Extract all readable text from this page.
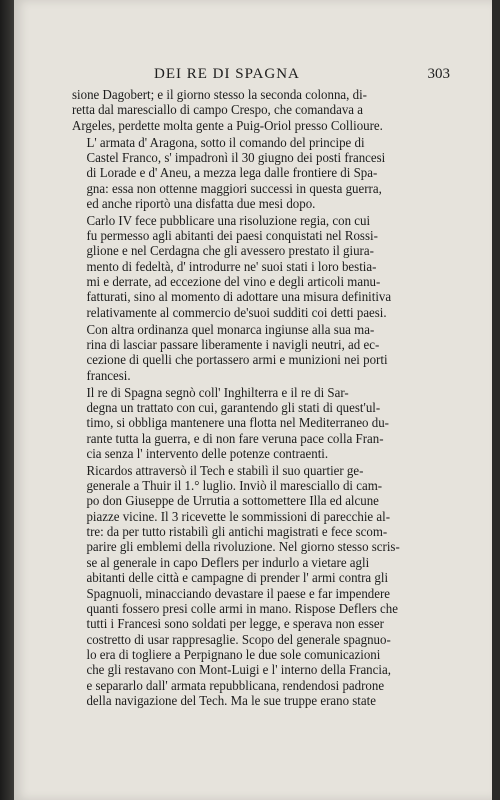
DEI RE DI SPAGNA	303

sione Dagobert; e il giorno stesso la seconda colonna, di-
retta dal maresciallo di campo Crespo, che comandava a
Argeles, perdette molta gente a Puig-Oriol presso Collioure.

L' armata d' Aragona, sotto il comando del principe di
Castel Franco, s' impadronì il 30 giugno dei posti francesi
di Lorade e d' Aneu, a mezza lega dalle frontiere di Spa-
gna: essa non ottenne maggiori successi in questa guerra,
ed anche riportò una disfatta due mesi dopo.

Carlo IV fece pubblicare una risoluzione regia, con cui
fu permesso agli abitanti dei paesi conquistati nel Rossi-
glione e nel Cerdagna che gli avessero prestato il giura-
mento di fedeltà, d' introdurre ne' suoi stati i loro bestia-
mi e derrate, ad eccezione del vino e degli articoli manu-
fatturati, sino al momento di adottare una misura definitiva
relativamente al commercio de'suoi sudditi coi detti paesi.

Con altra ordinanza quel monarca ingiunse alla sua ma-
rina di lasciar passare liberamente i navigli neutri, ad ec-
cezione di quelli che portassero armi e munizioni nei porti
francesi.

Il re di Spagna segnò coll' Inghilterra e il re di Sar-
degna un trattato con cui, garantendo gli stati di quest'ul-
timo, si obbliga mantenere una flotta nel Mediterraneo du-
rante tutta la guerra, e di non fare veruna pace colla Fran-
cia senza l' intervento delle potenze contraenti.

Ricardos attraversò il Tech e stabilì il suo quartier ge-
generale a Thuir il 1.° luglio. Inviò il maresciallo di cam-
po don Giuseppe de Urrutia a sottomettere Illa ed alcune
piazze vicine. Il 3 ricevette le sommissioni di parecchie al-
tre: da per tutto ristabilì gli antichi magistrati e fece scom-
parire gli emblemi della rivoluzione. Nel giorno stesso scris-
se al generale in capo Deflers per indurlo a vietare agli
abitanti delle città e campagne di prender l' armi contra gli
Spagnuoli, minacciando devastare il paese e far impendere
quanti fossero presi colle armi in mano. Rispose Deflers che
tutti i Francesi sono soldati per legge, e sperava non esser
costretto di usar rappresaglie. Scopo del generale spagnuo-
lo era di togliere a Perpignano le due sole comunicazioni
che gli restavano con Mont-Luigi e l' interno della Francia,
e separarlo dall' armata repubblicana, rendendosi padrone
della navigazione del Tech. Ma le sue truppe erano state
